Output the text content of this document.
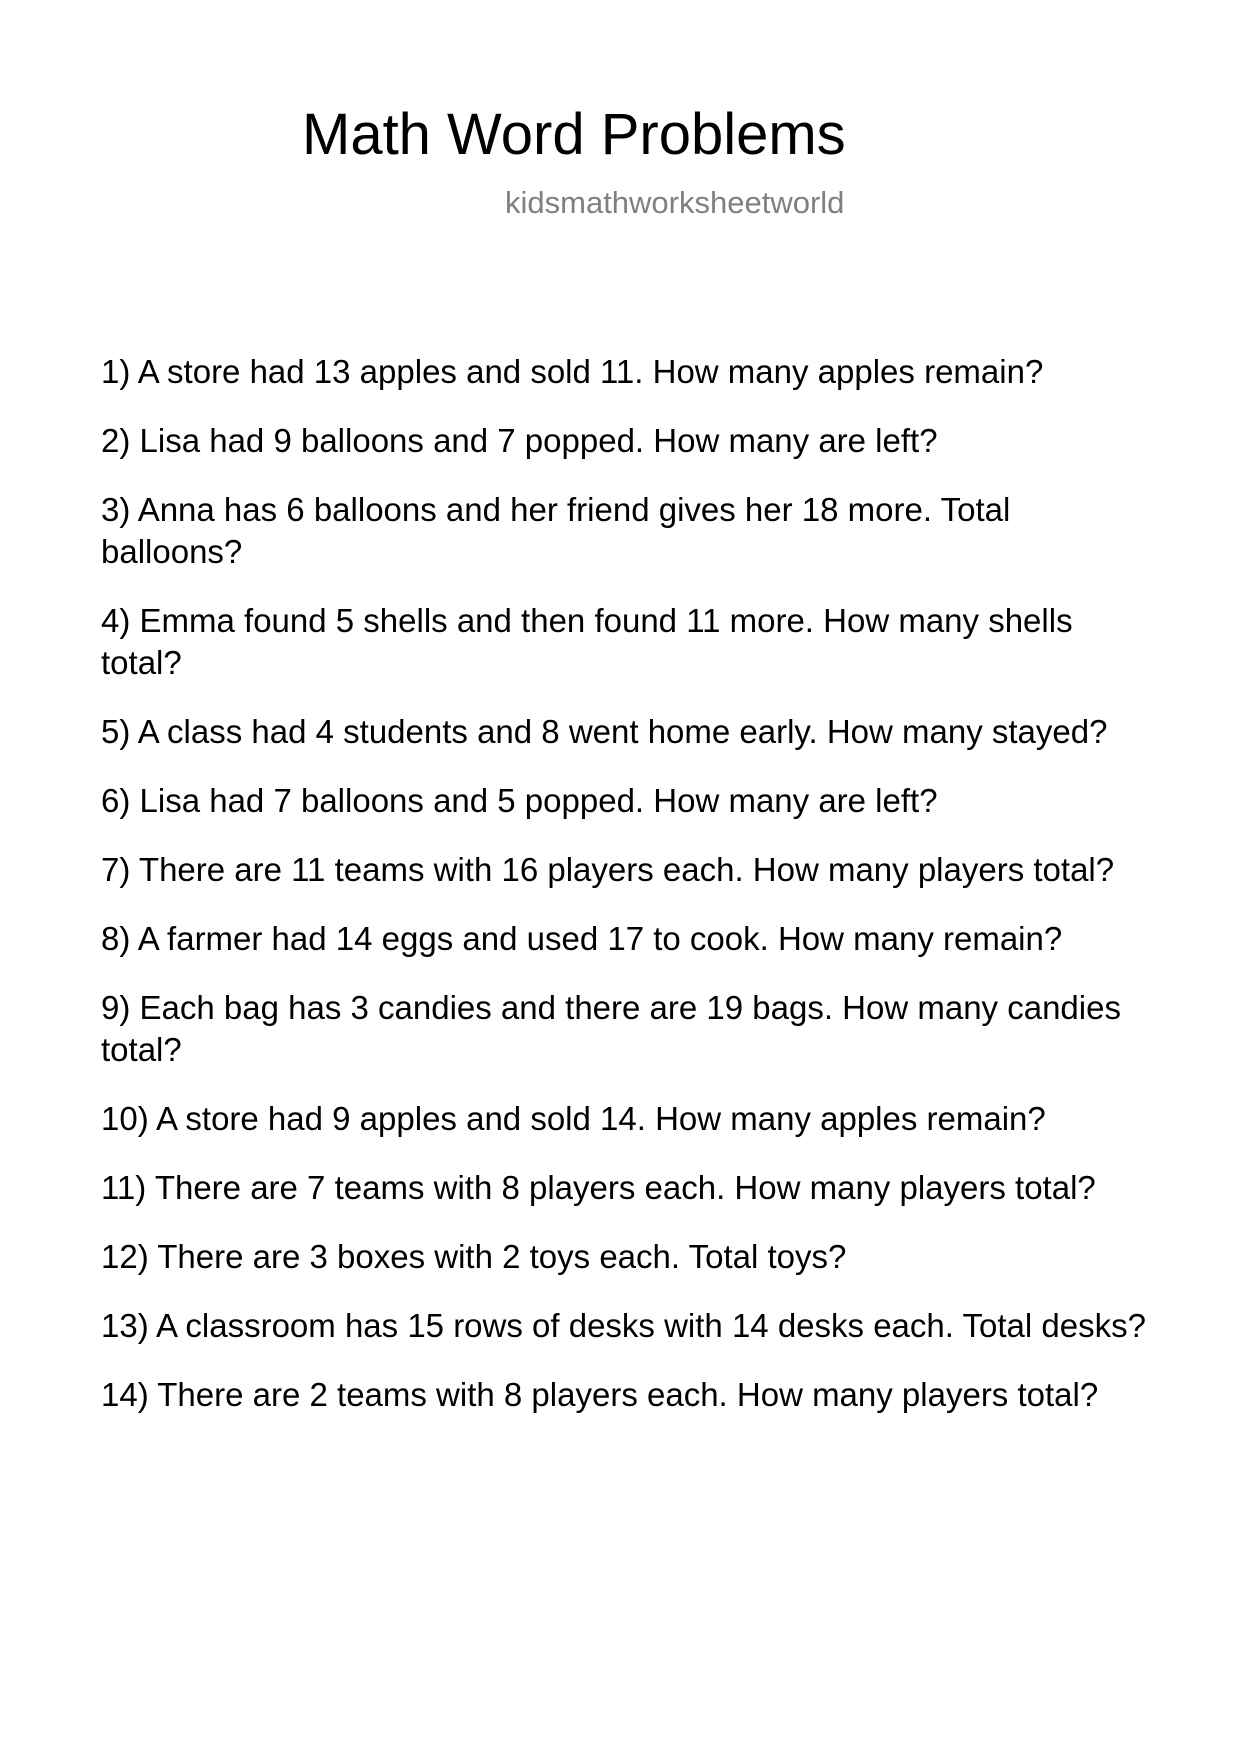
Math Word Problems
kidsmathworksheetworld
1) A store had 13 apples and sold 11. How many apples remain?
2) Lisa had 9 balloons and 7 popped. How many are left?
3) Anna has 6 balloons and her friend gives her 18 more. Total balloons?
4) Emma found 5 shells and then found 11 more. How many shells total?
5) A class had 4 students and 8 went home early. How many stayed?
6) Lisa had 7 balloons and 5 popped. How many are left?
7) There are 11 teams with 16 players each. How many players total?
8) A farmer had 14 eggs and used 17 to cook. How many remain?
9) Each bag has 3 candies and there are 19 bags. How many candies total?
10) A store had 9 apples and sold 14. How many apples remain?
11) There are 7 teams with 8 players each. How many players total?
12) There are 3 boxes with 2 toys each. Total toys?
13) A classroom has 15 rows of desks with 14 desks each. Total desks?
14) There are 2 teams with 8 players each. How many players total?
